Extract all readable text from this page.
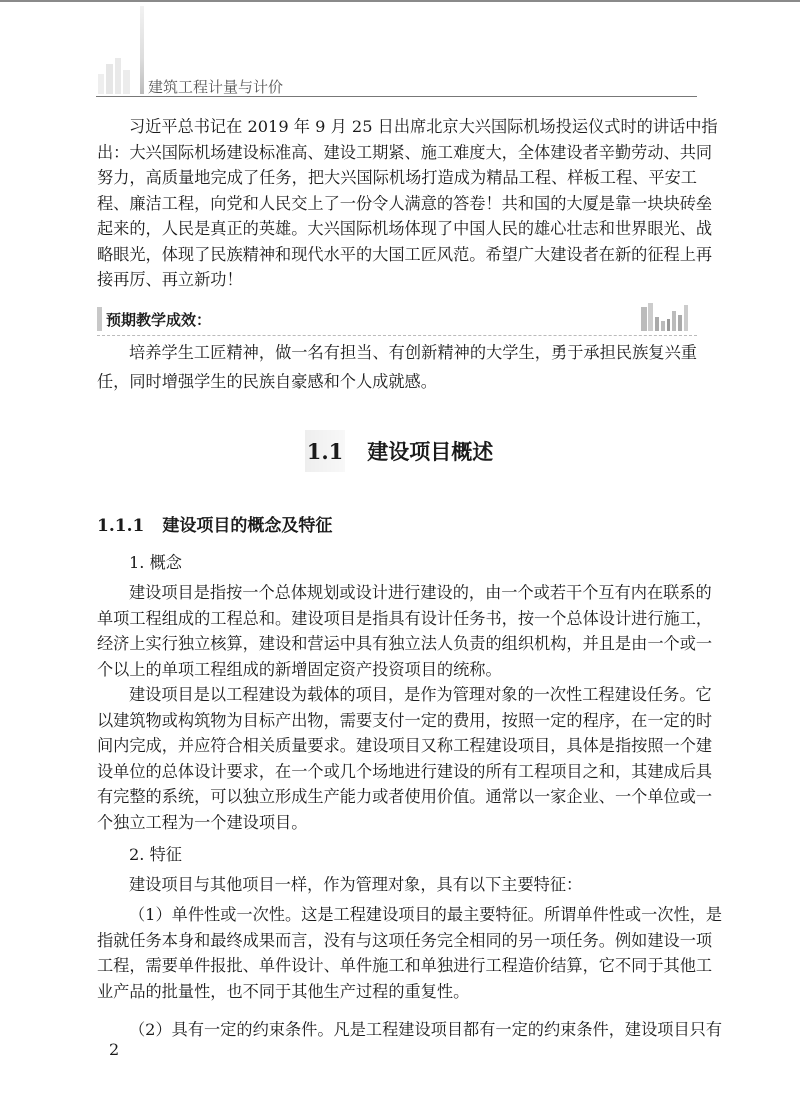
建筑工程计量与计价
习近平总书记在 2019 年 9 月 25 日出席北京大兴国际机场投运仪式时的讲话中指
出：大兴国际机场建设标准高、建设工期紧、施工难度大，全体建设者辛勤劳动、共同
努力，高质量地完成了任务，把大兴国际机场打造成为精品工程、样板工程、平安工
程、廉洁工程，向党和人民交上了一份令人满意的答卷！共和国的大厦是靠一块块砖垒
起来的，人民是真正的英雄。大兴国际机场体现了中国人民的雄心壮志和世界眼光、战
略眼光，体现了民族精神和现代水平的大国工匠风范。希望广大建设者在新的征程上再
接再厉、再立新功！
预期教学成效：
培养学生工匠精神，做一名有担当、有创新精神的大学生，勇于承担民族复兴重
任，同时增强学生的民族自豪感和个人成就感。
1.1 建设项目概述
1.1.1 建设项目的概念及特征
1. 概念
建设项目是指按一个总体规划或设计进行建设的，由一个或若干个互有内在联系的
单项工程组成的工程总和。建设项目是指具有设计任务书，按一个总体设计进行施工，
经济上实行独立核算，建设和营运中具有独立法人负责的组织机构，并且是由一个或一
个以上的单项工程组成的新增固定资产投资项目的统称。
建设项目是以工程建设为载体的项目，是作为管理对象的一次性工程建设任务。它
以建筑物或构筑物为目标产出物，需要支付一定的费用，按照一定的程序，在一定的时
间内完成，并应符合相关质量要求。建设项目又称工程建设项目，具体是指按照一个建
设单位的总体设计要求，在一个或几个场地进行建设的所有工程项目之和，其建成后具
有完整的系统，可以独立形成生产能力或者使用价值。通常以一家企业、一个单位或一
个独立工程为一个建设项目。
2. 特征
建设项目与其他项目一样，作为管理对象，具有以下主要特征：
（1）单件性或一次性。这是工程建设项目的最主要特征。所谓单件性或一次性，是
指就任务本身和最终成果而言，没有与这项任务完全相同的另一项任务。例如建设一项
工程，需要单件报批、单件设计、单件施工和单独进行工程造价结算，它不同于其他工
业产品的批量性，也不同于其他生产过程的重复性。
（2）具有一定的约束条件。凡是工程建设项目都有一定的约束条件，建设项目只有
2
